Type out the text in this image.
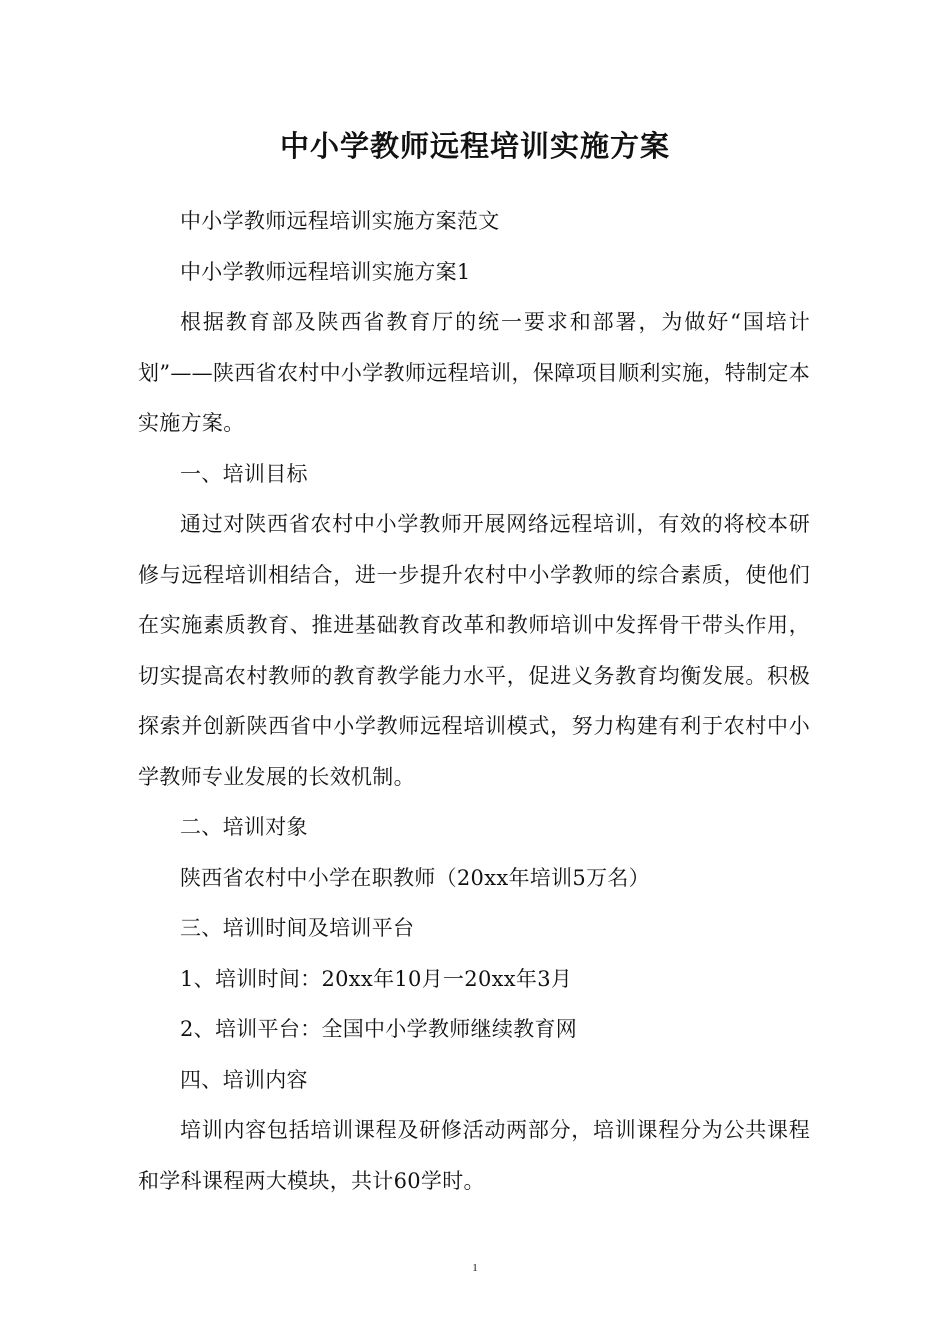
中小学教师远程培训实施方案

中小学教师远程培训实施方案范文

中小学教师远程培训实施方案1

根据教育部及陕西省教育厅的统一要求和部署，为做好“国培计划”——陕西省农村中小学教师远程培训，保障项目顺利实施，特制定本实施方案。

一、培训目标

通过对陕西省农村中小学教师开展网络远程培训，有效的将校本研修与远程培训相结合，进一步提升农村中小学教师的综合素质，使他们在实施素质教育、推进基础教育改革和教师培训中发挥骨干带头作用，切实提高农村教师的教育教学能力水平，促进义务教育均衡发展。积极探索并创新陕西省中小学教师远程培训模式，努力构建有利于农村中小学教师专业发展的长效机制。

二、培训对象

陕西省农村中小学在职教师（20xx年培训5万名）

三、培训时间及培训平台

1、培训时间：20xx年10月一20xx年3月

2、培训平台：全国中小学教师继续教育网

四、培训内容

培训内容包括培训课程及研修活动两部分，培训课程分为公共课程和学科课程两大模块，共计60学时。

1
